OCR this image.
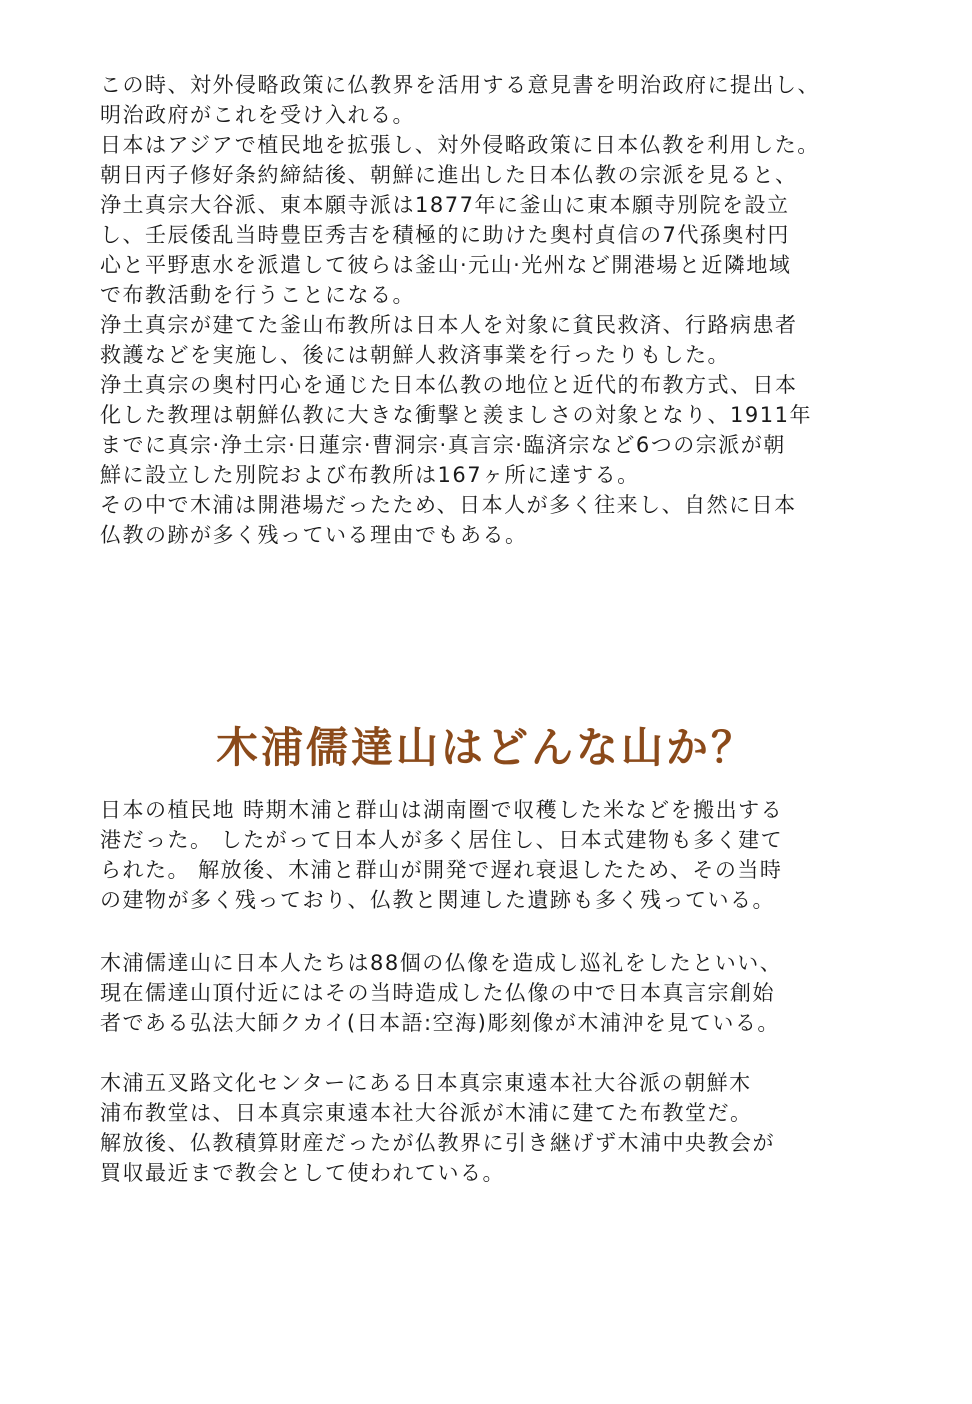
この時、対外侵略政策に仏教界を活用する意見書を明治政府に提出し、
明治政府がこれを受け入れる。
日本はアジアで植民地を拡張し、対外侵略政策に日本仏教を利用した。
朝日丙子修好条約締結後、朝鮮に進出した日本仏教の宗派を見ると、
浄土真宗大谷派、東本願寺派は1877年に釜山に東本願寺別院を設立
し、壬辰倭乱当時豊臣秀吉を積極的に助けた奥村貞信の7代孫奥村円
心と平野恵水を派遣して彼らは釜山·元山·光州など開港場と近隣地域
で布教活動を行うことになる。
浄土真宗が建てた釜山布教所は日本人を対象に貧民救済、行路病患者
救護などを実施し、後には朝鮮人救済事業を行ったりもした。
浄土真宗の奥村円心を通じた日本仏教の地位と近代的布教方式、日本
化した教理は朝鮮仏教に大きな衝撃と羨ましさの対象となり、1911年
までに真宗·浄土宗·日蓮宗·曹洞宗·真言宗·臨済宗など6つの宗派が朝
鮮に設立した別院および布教所は167ヶ所に達する。
その中で木浦は開港場だったため、日本人が多く往来し、自然に日本
仏教の跡が多く残っている理由でもある。
木浦儒達山はどんな山か？
日本の植民地 時期木浦と群山は湖南圏で収穫した米などを搬出する
港だった。 したがって日本人が多く居住し、日本式建物も多く建て
られた。 解放後、木浦と群山が開発で遅れ衰退したため、その当時
の建物が多く残っており、仏教と関連した遺跡も多く残っている。
木浦儒達山に日本人たちは88個の仏像を造成し巡礼をしたといい、
現在儒達山頂付近にはその当時造成した仏像の中で日本真言宗創始
者である弘法大師クカイ(日本語:空海)彫刻像が木浦沖を見ている。
木浦五叉路文化センターにある日本真宗東遠本社大谷派の朝鮮木
浦布教堂は、日本真宗東遠本社大谷派が木浦に建てた布教堂だ。
解放後、仏教積算財産だったが仏教界に引き継げず木浦中央教会が
買収最近まで教会として使われている。
